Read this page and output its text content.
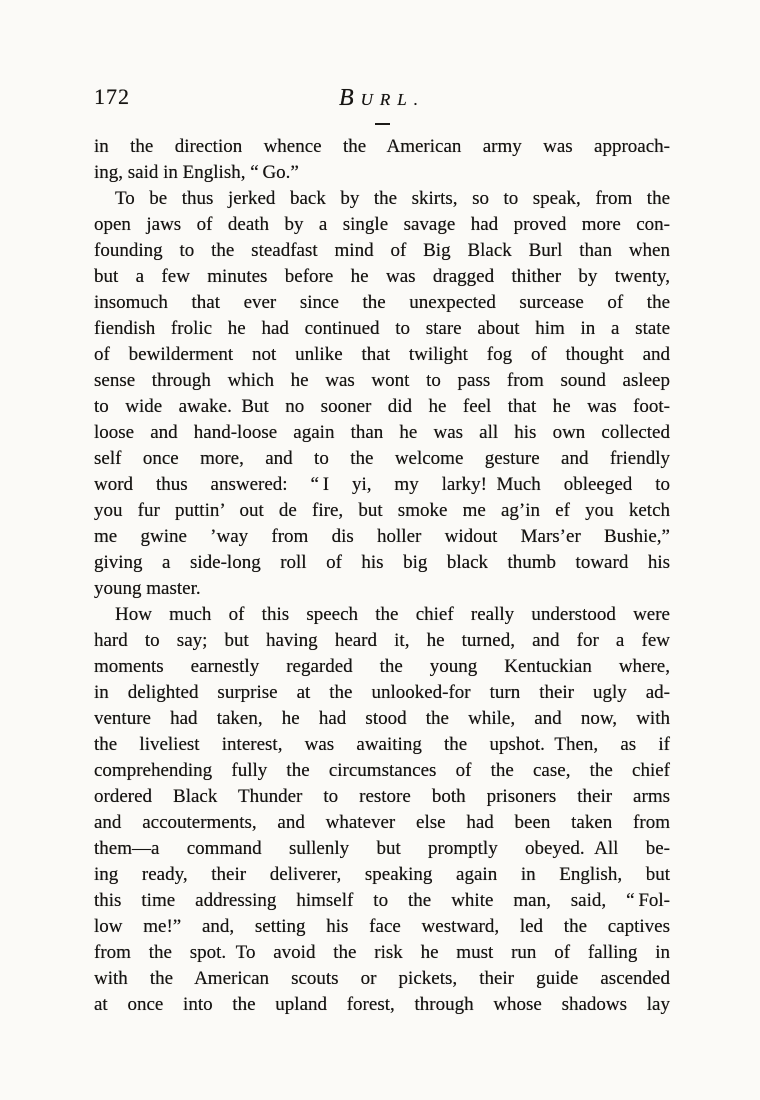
172	BURL.
in the direction whence the American army was approach-
ing, said in English, “ Go.”
To be thus jerked back by the skirts, so to speak, from the
open jaws of death by a single savage had proved more con-
founding to the steadfast mind of Big Black Burl than when
but a few minutes before he was dragged thither by twenty,
insomuch that ever since the unexpected surcease of the
fiendish frolic he had continued to stare about him in a state
of bewilderment not unlike that twilight fog of thought and
sense through which he was wont to pass from sound asleep
to wide awake. But no sooner did he feel that he was foot-
loose and hand-loose again than he was all his own collected
self once more, and to the welcome gesture and friendly
word thus answered: “ I yi, my larky! Much obleeged to
you fur puttin’ out de fire, but smoke me ag’in ef you ketch
me gwine ’way from dis holler widout Mars’er Bushie,”
giving a side-long roll of his big black thumb toward his
young master.
How much of this speech the chief really understood were
hard to say; but having heard it, he turned, and for a few
moments earnestly regarded the young Kentuckian where,
in delighted surprise at the unlooked-for turn their ugly ad-
venture had taken, he had stood the while, and now, with
the liveliest interest, was awaiting the upshot. Then, as if
comprehending fully the circumstances of the case, the chief
ordered Black Thunder to restore both prisoners their arms
and accouterments, and whatever else had been taken from
them—a command sullenly but promptly obeyed. All be-
ing ready, their deliverer, speaking again in English, but
this time addressing himself to the white man, said, “ Fol-
low me!” and, setting his face westward, led the captives
from the spot. To avoid the risk he must run of falling in
with the American scouts or pickets, their guide ascended
at once into the upland forest, through whose shadows lay
